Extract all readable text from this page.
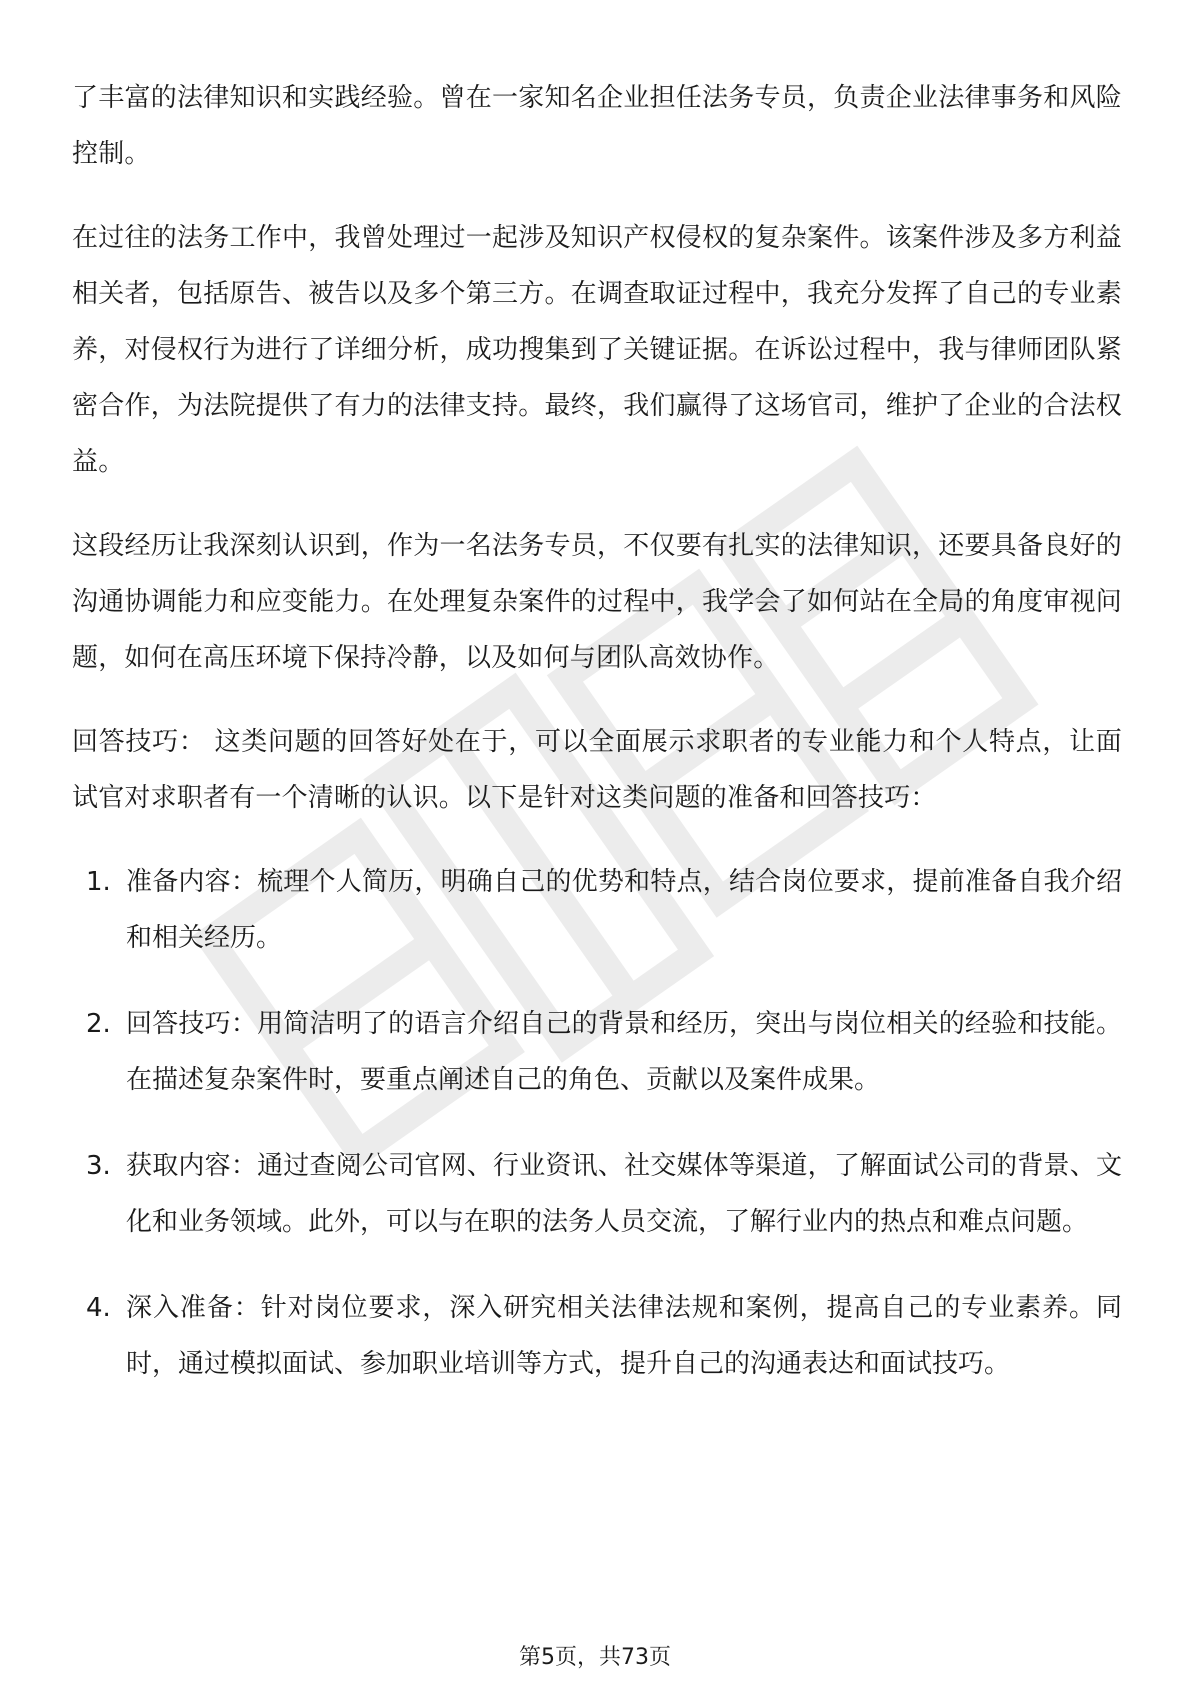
了丰富的法律知识和实践经验。曾在一家知名企业担任法务专员，负责企业法律事务和风险控制。

在过往的法务工作中，我曾处理过一起涉及知识产权侵权的复杂案件。该案件涉及多方利益相关者，包括原告、被告以及多个第三方。在调查取证过程中，我充分发挥了自己的专业素养，对侵权行为进行了详细分析，成功搜集到了关键证据。在诉讼过程中，我与律师团队紧密合作，为法院提供了有力的法律支持。最终，我们赢得了这场官司，维护了企业的合法权益。

这段经历让我深刻认识到，作为一名法务专员，不仅要有扎实的法律知识，还要具备良好的沟通协调能力和应变能力。在处理复杂案件的过程中，我学会了如何站在全局的角度审视问题，如何在高压环境下保持冷静，以及如何与团队高效协作。

回答技巧： 这类问题的回答好处在于，可以全面展示求职者的专业能力和个人特点，让面试官对求职者有一个清晰的认识。以下是针对这类问题的准备和回答技巧：

1. 准备内容：梳理个人简历，明确自己的优势和特点，结合岗位要求，提前准备自我介绍和相关经历。
2. 回答技巧：用简洁明了的语言介绍自己的背景和经历，突出与岗位相关的经验和技能。在描述复杂案件时，要重点阐述自己的角色、贡献以及案件成果。
3. 获取内容：通过查阅公司官网、行业资讯、社交媒体等渠道，了解面试公司的背景、文化和业务领域。此外，可以与在职的法务人员交流，了解行业内的热点和难点问题。
4. 深入准备：针对岗位要求，深入研究相关法律法规和案例，提高自己的专业素养。同时，通过模拟面试、参加职业培训等方式，提升自己的沟通表达和面试技巧。
第5页，共73页
